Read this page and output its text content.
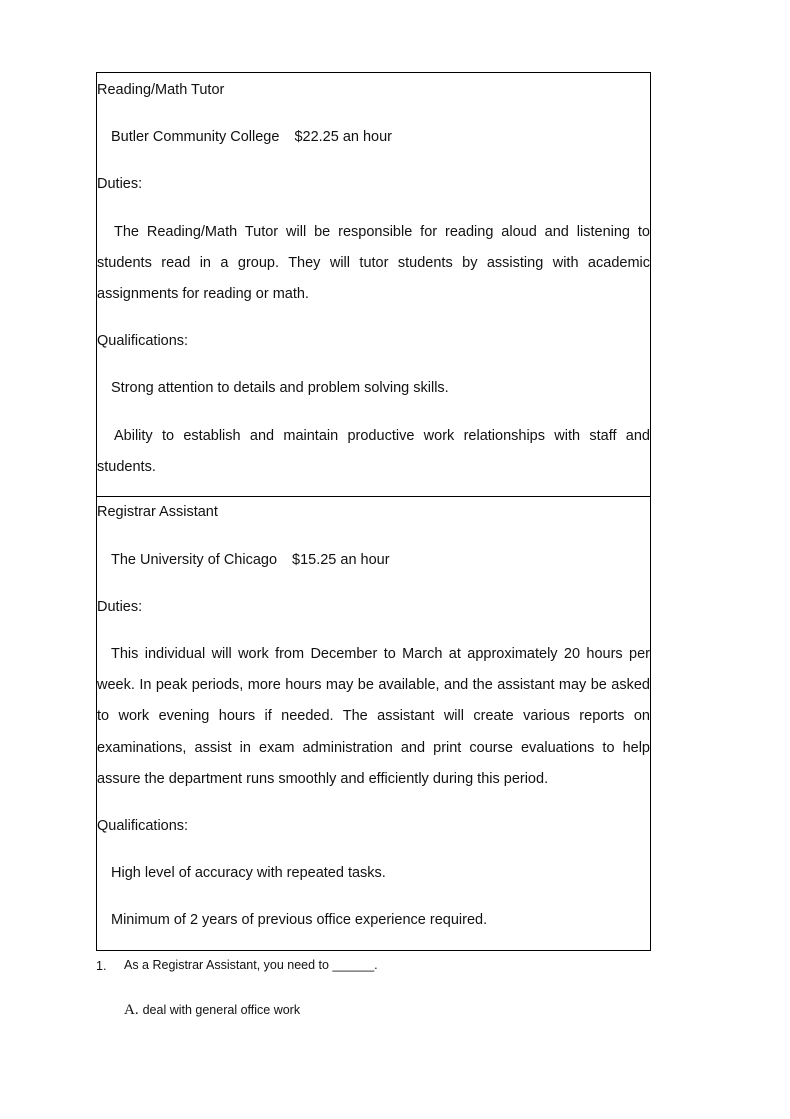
Reading/Math Tutor
Butler Community College $22.25 an hour
Duties:
The Reading/Math Tutor will be responsible for reading aloud and listening to
students read in a group. They will tutor students by assisting with academic
assignments for reading or math.
Qualifications:
Strong attention to details and problem solving skills.
Ability to establish and maintain productive work relationships with staff and
students.
Registrar Assistant
The University of Chicago $15.25 an hour
Duties:
This individual will work from December to March at approximately 20 hours per
week. In peak periods, more hours may be available, and the assistant may be asked
to work evening hours if needed. The assistant will create various reports on
examinations, assist in exam administration and print course evaluations to help
assure the department runs smoothly and efficiently during this period.
Qualifications:
High level of accuracy with repeated tasks.
Minimum of 2 years of previous office experience required.
1. As a Registrar Assistant, you need to ______.
A. deal with general office work
